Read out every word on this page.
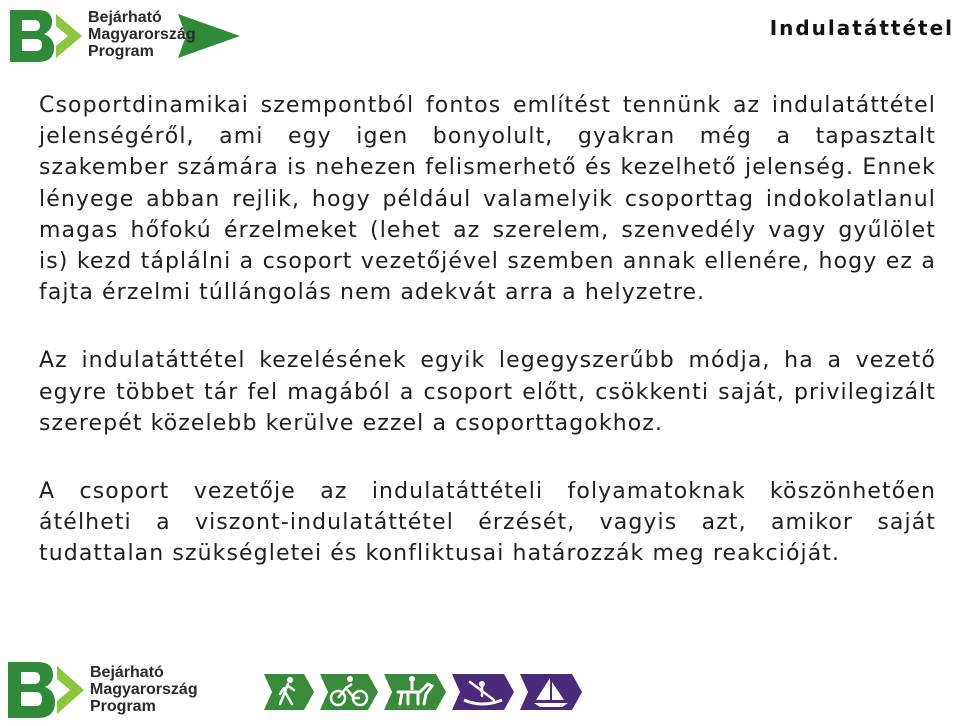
Bejárható
Magyarország
Program
Indulatáttétel

Csoportdinamikai szempontból fontos említést tennünk az indulatáttétel jelenségéről, ami egy igen bonyolult, gyakran még a tapasztalt szakember számára is nehezen felismerhető és kezelhető jelenség. Ennek lényege abban rejlik, hogy például valamelyik csoporttag indokolatlanul magas hőfokú érzelmeket (lehet az szerelem, szenvedély vagy gyűlölet is) kezd táplálni a csoport vezetőjével szemben annak ellenére, hogy ez a fajta érzelmi túllángolás nem adekvát arra a helyzetre.

Az indulatáttétel kezelésének egyik legegyszerűbb módja, ha a vezető egyre többet tár fel magából a csoport előtt, csökkenti saját, privilegizált szerepét közelebb kerülve ezzel a csoporttagokhoz.

A csoport vezetője az indulatáttételi folyamatoknak köszönhetően átélheti a viszont-indulatáttétel érzését, vagyis azt, amikor saját tudattalan szükségletei és konfliktusai határozzák meg reakcióját.

Bejárható
Magyarország
Program
